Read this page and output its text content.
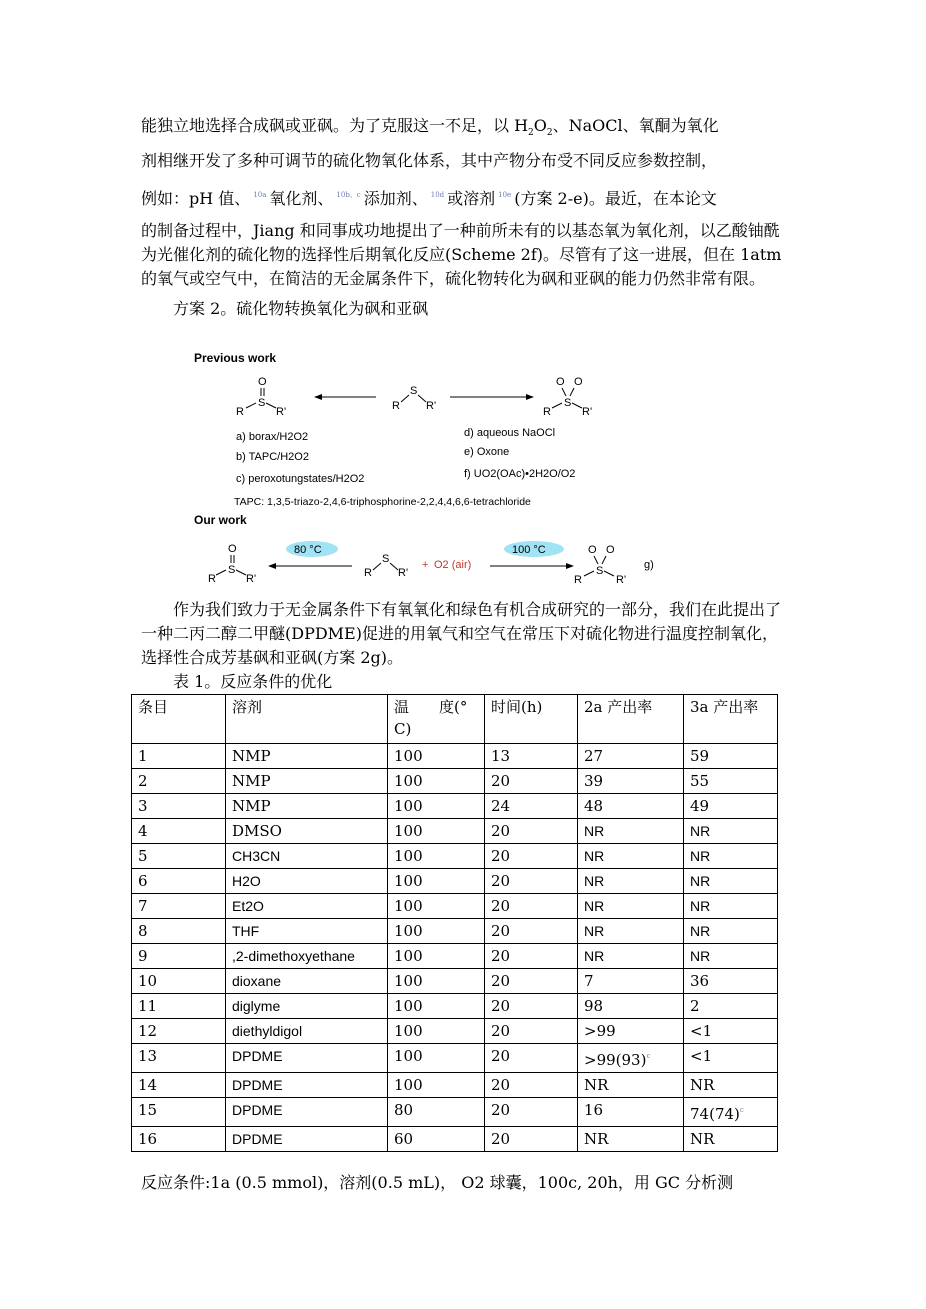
能独立地选择合成砜或亚砜。为了克服这一不足，以 $H_2O_2$、NaOCl、氧酮为氧化

剂相继开发了多种可调节的硫化物氧化体系，其中产物分布受不同反应参数控制，

例如：pH 值、 $^{10a}$ 氧化剂、 $^{10b、c}$ 添加剂、 $^{10d}$ 或溶剂 $^{10e}$ (方案 2-e)。最近，在本论文

的制备过程中，Jiang 和同事成功地提出了一种前所未有的以基态氧为氧化剂，以乙酸铀酰为光催化剂的硫化物的选择性后期氧化反应(Scheme 2f)。尽管有了这一进展，但在 1atm 的氧气或空气中，在简洁的无金属条件下，硫化物转化为砜和亚砜的能力仍然非常有限。

方案 2。硫化物转换氧化为砜和亚砜

Previous work
O
S
R	R'	R
S
R'
O O
S
R	R'
a) borax/H2O2
b) TAPC/H2O2
c) peroxotungstates/H2O2
d) aqueous NaOCl
e) Oxone
f) UO2(OAc)•2H2O/O2
TAPC: 1,3,5-triazo-2,4,6-triphosphorine-2,2,4,4,6,6-tetrachloride
Our work
O
S
R	R'
80 °C
R
S
R'
+ O2 (air)
100 °C	O O
S
R	R'
g)

作为我们致力于无金属条件下有氧氧化和绿色有机合成研究的一部分，我们在此提出了一种二丙二醇二甲醚(DPDME)促进的用氧气和空气在常压下对硫化物进行温度控制氧化，选择性合成芳基砜和亚砜(方案 2g)。

表 1。反应条件的优化

条目	溶剂	温　　度(° C)	时间(h)	2a 产出率	3a 产出率
1	NMP	100	13	27	59
2	NMP	100	20	39	55
3	NMP	100	24	48	49
4	DMSO	100	20	NR	NR
5	CH3CN	100	20	NR	NR
6	H2O	100	20	NR	NR
7	Et2O	100	20	NR	NR
8	THF	100	20	NR	NR
9	,2-dimethoxyethane	100	20	NR	NR
10	dioxane	100	20	7	36
11	diglyme	100	20	98	2
12	diethyldigol	100	20	>99	<1
13	DPDME	100	20	$>99(93)^c$	<1
14	DPDME	100	20	NR	NR
15	DPDME	80	20	16	$74(74)^c$
16	DPDME	60	20	NR	NR
反应条件:1a (0.5 mmol)，溶剂(0.5 mL)， O2 球囊，100c, 20h，用 GC 分析测
